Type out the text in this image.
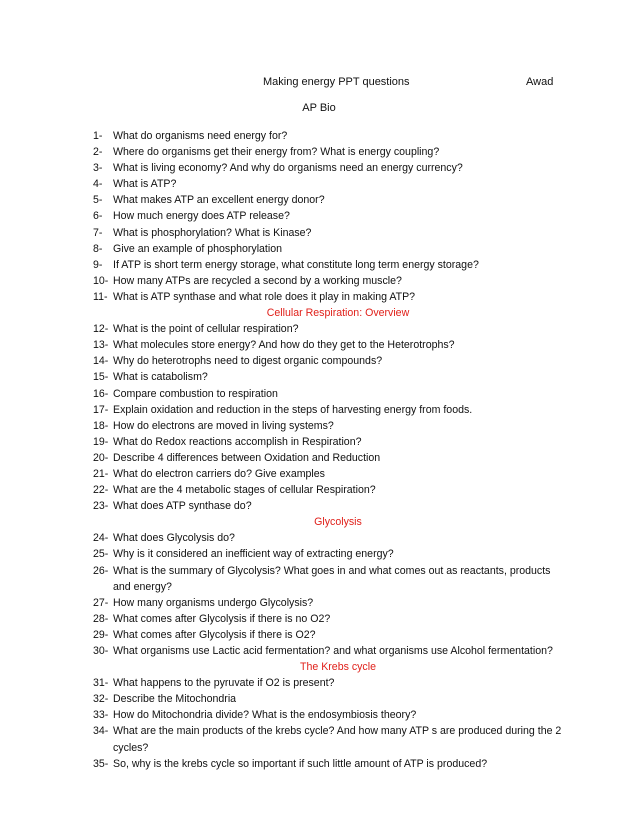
Making energy PPT questions	Awad
AP Bio
1- What do organisms need energy for?
2- Where do organisms get their energy from? What is energy coupling?
3- What is living economy? And why do organisms need an energy currency?
4- What is ATP?
5- What makes ATP an excellent energy donor?
6- How much energy does ATP release?
7- What is phosphorylation? What is Kinase?
8- Give an example of phosphorylation
9- If ATP is short term energy storage, what constitute long term energy storage?
10- How many ATPs are recycled a second by a working muscle?
11- What is ATP synthase and what role does it play in making ATP?
Cellular Respiration: Overview
12- What is the point of cellular respiration?
13- What molecules store energy? And how do they get to the Heterotrophs?
14- Why do heterotrophs need to digest organic compounds?
15- What is catabolism?
16- Compare combustion to respiration
17- Explain oxidation and reduction in the steps of harvesting energy from foods.
18- How do electrons are moved in living systems?
19- What do Redox reactions accomplish in Respiration?
20- Describe 4 differences between Oxidation and Reduction
21- What do electron carriers do? Give examples
22- What are the 4 metabolic stages of cellular Respiration?
23- What does ATP synthase do?
Glycolysis
24- What does Glycolysis do?
25- Why is it considered an inefficient way of extracting energy?
26- What is the summary of Glycolysis? What goes in and what comes out as reactants, products and energy?
27- How many organisms undergo Glycolysis?
28- What comes after Glycolysis if there is no O2?
29- What comes after Glycolysis if there is O2?
30- What organisms use Lactic acid fermentation? and what organisms use Alcohol fermentation?
The Krebs cycle
31- What happens to the pyruvate if O2 is present?
32- Describe the Mitochondria
33- How do Mitochondria divide? What is the endosymbiosis theory?
34- What are the main products of the krebs cycle? And how many ATP s are produced during the 2 cycles?
35- So, why is the krebs cycle so important if such little amount of ATP is produced?
